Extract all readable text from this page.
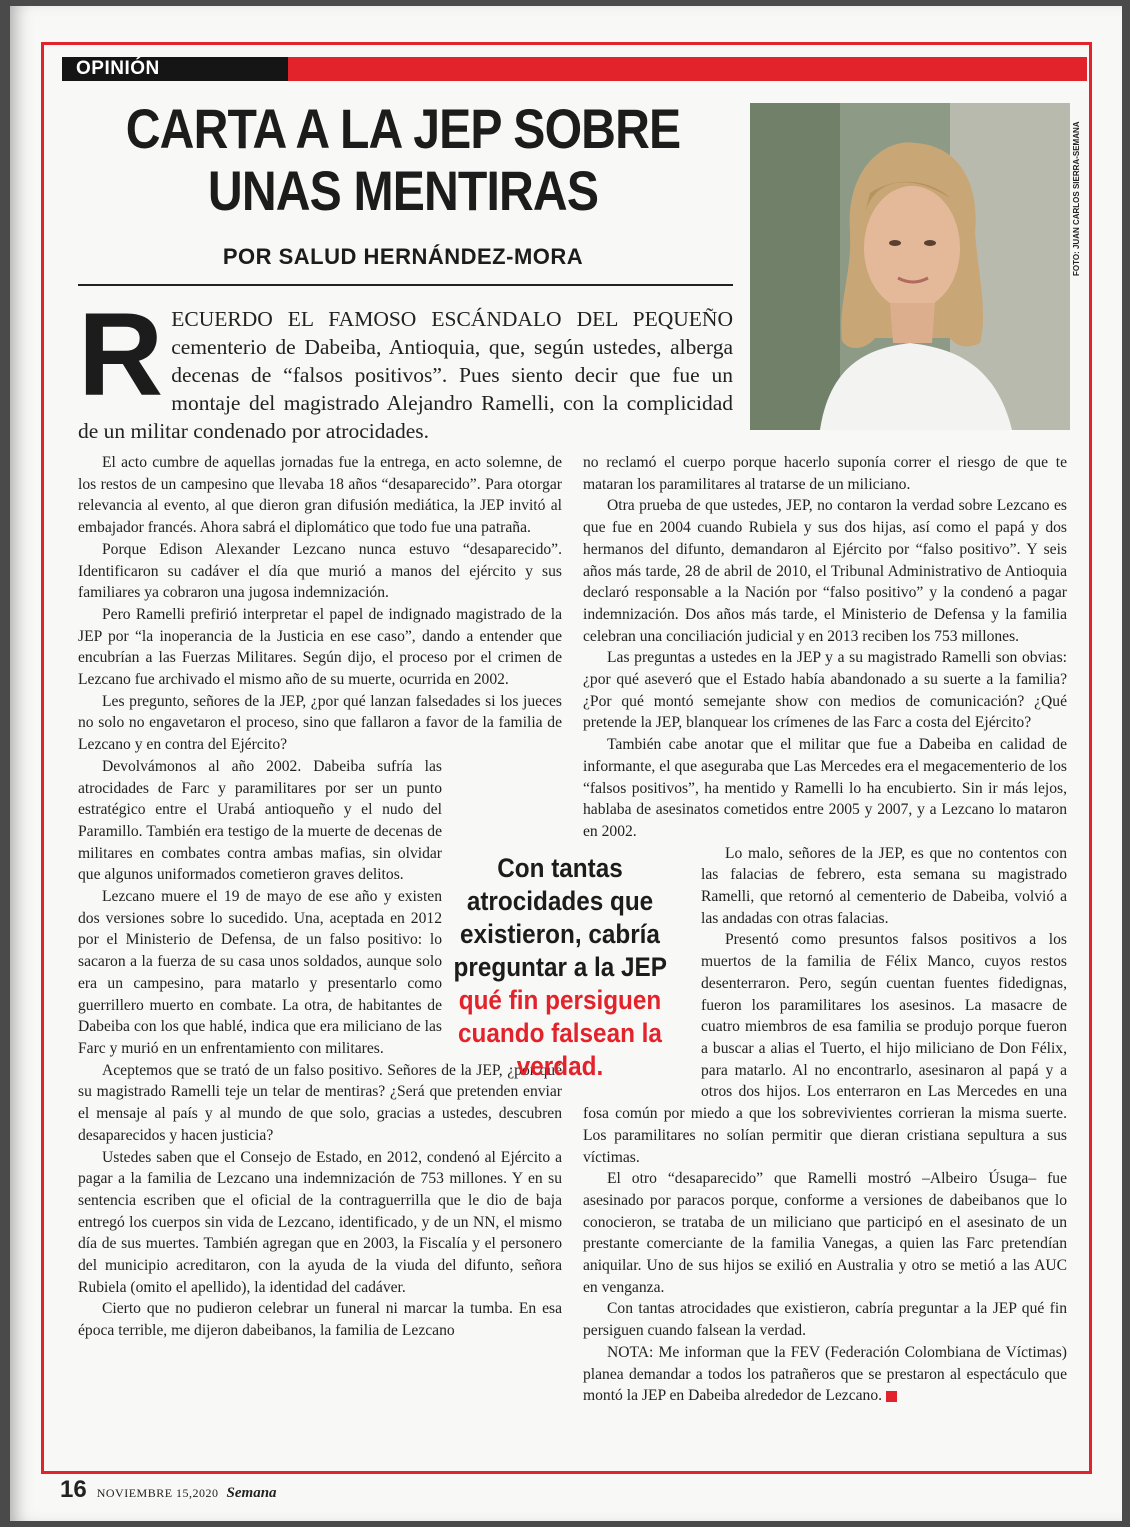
OPINIÓN
CARTA A LA JEP SOBRE UNAS MENTIRAS
POR SALUD HERNÁNDEZ-MORA	FOTO: JUAN CARLOS SIERRA-SEMANA
RECUERDO EL FAMOSO ESCÁNDALO DEL PEQUEÑO cementerio de Dabeiba, Antioquia, que, según ustedes, alberga decenas de “falsos positivos”. Pues siento decir que fue un montaje del magistrado Alejandro Ramelli, con la complicidad de un militar condenado por atrocidades.

El acto cumbre de aquellas jornadas fue la entrega, en acto solemne, de los restos de un campesino que llevaba 18 años “desaparecido”. Para otorgar relevancia al evento, al que dieron gran difusión mediática, la JEP invitó al embajador francés. Ahora sabrá el diplomático que todo fue una patraña.

Porque Edison Alexander Lezcano nunca estuvo “desaparecido”. Identificaron su cadáver el día que murió a manos del ejército y sus familiares ya cobraron una jugosa indemnización.

Pero Ramelli prefirió interpretar el papel de indignado magistrado de la JEP por “la inoperancia de la Justicia en ese caso”, dando a entender que encubrían a las Fuerzas Militares. Según dijo, el proceso por el crimen de Lezcano fue archivado el mismo año de su muerte, ocurrida en 2002.

Les pregunto, señores de la JEP, ¿por qué lanzan falsedades si los jueces no solo no engavetaron el proceso, sino que fallaron a favor de la familia de Lezcano y en contra del Ejército?

Devolvámonos al año 2002. Dabeiba sufría las atrocidades de Farc y paramilitares por ser un punto estratégico entre el Urabá antioqueño y el nudo del Paramillo. También era testigo de la muerte de decenas de militares en combates contra ambas mafias, sin olvidar que algunos uniformados cometieron graves delitos.

Lezcano muere el 19 de mayo de ese año y existen dos versiones sobre lo sucedido. Una, aceptada en 2012 por el Ministerio de Defensa, de un falso positivo: lo sacaron a la fuerza de su casa unos soldados, aunque solo era un campesino, para matarlo y presentarlo como guerrillero muerto en combate. La otra, de habitantes de Dabeiba con los que hablé, indica que era miliciano de las Farc y murió en un enfrentamiento con militares.

Aceptemos que se trató de un falso positivo. Señores de la JEP, ¿por qué su magistrado Ramelli teje un telar de mentiras? ¿Será que pretenden enviar el mensaje al país y al mundo de que solo, gracias a ustedes, descubren desaparecidos y hacen justicia?

Ustedes saben que el Consejo de Estado, en 2012, condenó al Ejército a pagar a la familia de Lezcano una indemnización de 753 millones. Y en su sentencia escriben que el oficial de la contraguerrilla que le dio de baja entregó los cuerpos sin vida de Lezcano, identificado, y de un NN, el mismo día de sus muertes. También agregan que en 2003, la Fiscalía y el personero del municipio acreditaron, con la ayuda de la viuda del difunto, señora Rubiela (omito el apellido), la identidad del cadáver.

Cierto que no pudieron celebrar un funeral ni marcar la tumba. En esa época terrible, me dijeron dabeibanos, la familia de Lezcano

no reclamó el cuerpo porque hacerlo suponía correr el riesgo de que te mataran los paramilitares al tratarse de un miliciano.

Otra prueba de que ustedes, JEP, no contaron la verdad sobre Lezcano es que fue en 2004 cuando Rubiela y sus dos hijas, así como el papá y dos hermanos del difunto, demandaron al Ejército por “falso positivo”. Y seis años más tarde, 28 de abril de 2010, el Tribunal Administrativo de Antioquia declaró responsable a la Nación por “falso positivo” y la condenó a pagar indemnización. Dos años más tarde, el Ministerio de Defensa y la familia celebran una conciliación judicial y en 2013 reciben los 753 millones.

Las preguntas a ustedes en la JEP y a su magistrado Ramelli son obvias: ¿por qué aseveró que el Estado había abandonado a su suerte a la familia? ¿Por qué montó semejante show con medios de comunicación? ¿Qué pretende la JEP, blanquear los crímenes de las Farc a costa del Ejército?

También cabe anotar que el militar que fue a Dabeiba en calidad de informante, el que aseguraba que Las Mercedes era el megacementerio de los “falsos positivos”, ha mentido y Ramelli lo ha encubierto. Sin ir más lejos, hablaba de asesinatos cometidos entre 2005 y 2007, y a Lezcano lo mataron en 2002.

Lo malo, señores de la JEP, es que no contentos con las falacias de febrero, esta semana su magistrado Ramelli, que retornó al cementerio de Dabeiba, volvió a las andadas con otras falacias.

Presentó como presuntos falsos positivos a los muertos de la familia de Félix Manco, cuyos restos desenterraron. Pero, según cuentan fuentes fidedignas, fueron los paramilitares los asesinos. La masacre de cuatro miembros de esa familia se produjo porque fueron a buscar a alias el Tuerto, el hijo miliciano de Don Félix, para matarlo. Al no encontrarlo, asesinaron al papá y a otros dos hijos. Los enterraron en Las Mercedes en una fosa común por miedo a que los sobrevivientes corrieran la misma suerte. Los paramilitares no solían permitir que dieran cristiana sepultura a sus víctimas.

El otro “desaparecido” que Ramelli mostró –Albeiro Úsuga– fue asesinado por paracos porque, conforme a versiones de dabeibanos que lo conocieron, se trataba de un miliciano que participó en el asesinato de un prestante comerciante de la familia Vanegas, a quien las Farc pretendían aniquilar. Uno de sus hijos se exilió en Australia y otro se metió a las AUC en venganza.

Con tantas atrocidades que existieron, cabría preguntar a la JEP qué fin persiguen cuando falsean la verdad.

NOTA: Me informan que la FEV (Federación Colombiana de Víctimas) planea demandar a todos los patrañeros que se prestaron al espectáculo que montó la JEP en Dabeiba alrededor de Lezcano.

Con tantas atrocidades que existieron, cabría preguntar a la JEP qué fin persiguen cuando falsean la verdad.
16 NOVIEMBRE 15,2020 Semana
